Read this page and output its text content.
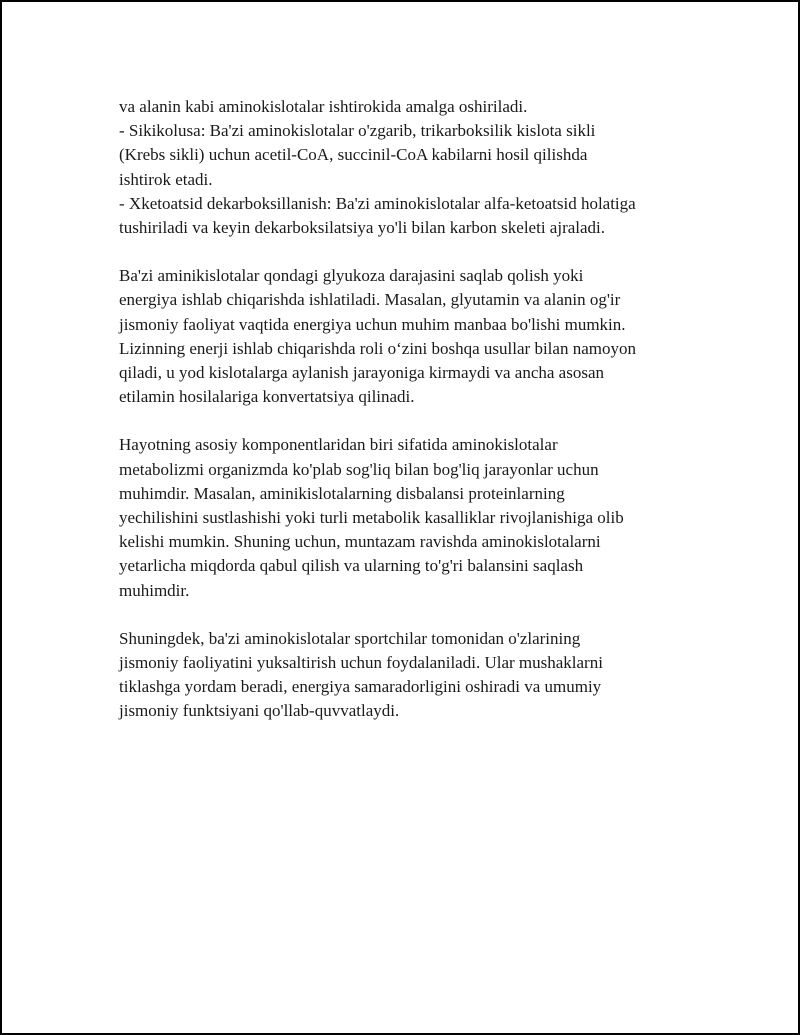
va alanin kabi aminokislotalar ishtirokida amalga oshiriladi.
- Sikikolusa: Ba'zi aminokislotalar o'zgarib, trikarboksilik kislota sikli
(Krebs sikli) uchun acetil-CoA, succinil-CoA kabilarni hosil qilishda
ishtirok etadi.
- Xketoatsid dekarboksillanish: Ba'zi aminokislotalar alfa-ketoatsid holatiga
tushiriladi va keyin dekarboksilatsiya yo'li bilan karbon skeleti ajraladi.

Ba'zi aminikislotalar qondagi glyukoza darajasini saqlab qolish yoki
energiya ishlab chiqarishda ishlatiladi. Masalan, glyutamin va alanin og'ir
jismoniy faoliyat vaqtida energiya uchun muhim manbaa bo'lishi mumkin.
Lizinning enerji ishlab chiqarishda roli o‘zini boshqa usullar bilan namoyon
qiladi, u yod kislotalarga aylanish jarayoniga kirmaydi va ancha asosan
etilamin hosilalariga konvertatsiya qilinadi.

Hayotning asosiy komponentlaridan biri sifatida aminokislotalar
metabolizmi organizmda ko'plab sog'liq bilan bog'liq jarayonlar uchun
muhimdir. Masalan, aminikislotalarning disbalansi proteinlarning
yechilishini sustlashishi yoki turli metabolik kasalliklar rivojlanishiga olib
kelishi mumkin. Shuning uchun, muntazam ravishda aminokislotalarni
yetarlicha miqdorda qabul qilish va ularning to'g'ri balansini saqlash
muhimdir.

Shuningdek, ba'zi aminokislotalar sportchilar tomonidan o'zlarining
jismoniy faoliyatini yuksaltirish uchun foydalaniladi. Ular mushaklarni
tiklashga yordam beradi, energiya samaradorligini oshiradi va umumiy
jismoniy funktsiyani qo'llab-quvvatlaydi.
